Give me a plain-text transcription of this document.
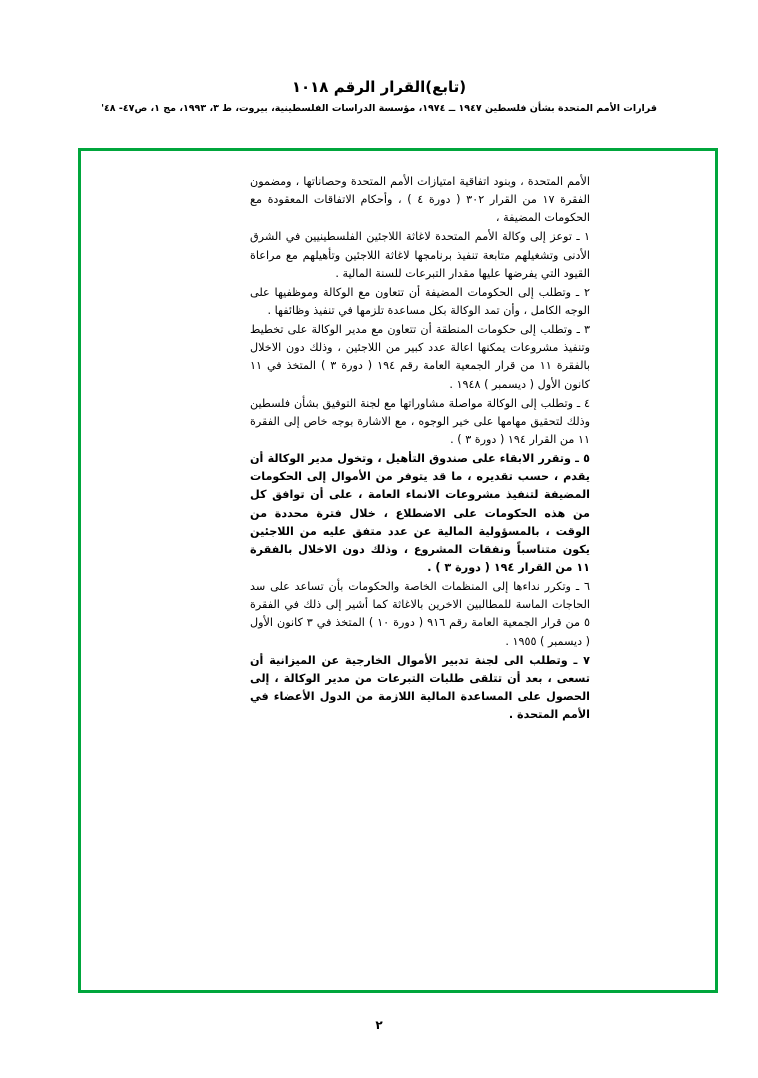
(تابع)القرار الرقم ١٠١٨
قرارات الأمم المتحدة بشأن فلسطين ١٩٤٧ ــ ١٩٧٤، مؤسسة الدراسات الفلسطينية، بيروت، ط ٣، ١٩٩٣، مج ١، ص٤٧- ٤٨'

الأمم المتحدة ، وبنود اتفاقية امتيازات الأمم المتحدة وحصاناتها ، ومضمون الفقرة ١٧ من القرار ٣٠٢ ( دورة ٤ ) ، وأحكام الاتفاقات المعقودة مع الحكومات المضيفة ،

١ ـ توعز إلى وكالة الأمم المتحدة لاغاثة اللاجئين الفلسطينيين في الشرق الأدنى وتشغيلهم متابعة تنفيذ برنامجها لاغاثة اللاجئين وتأهيلهم مع مراعاة القيود التي يفرضها عليها مقدار التبرعات للسنة المالية .

٢ ـ وتطلب إلى الحكومات المضيفة أن تتعاون مع الوكالة وموظفيها على الوجه الكامل ، وأن تمد الوكالة بكل مساعدة تلزمها في تنفيذ وظائفها .

٣ ـ وتطلب إلى حكومات المنطقة أن تتعاون مع مدير الوكالة على تخطيط وتنفيذ مشروعات يمكنها اعالة عدد كبير من اللاجئين ، وذلك دون الاخلال بالفقرة ١١ من قرار الجمعية العامة رقم ١٩٤ ( دورة ٣ ) المتخذ في ١١ كانون الأول ( ديسمبر ) ١٩٤٨ .

٤ ـ وتطلب إلى الوكالة مواصلة مشاوراتها مع لجنة التوفيق بشأن فلسطين وذلك لتحقيق مهامها على خير الوجوه ، مع الاشارة بوجه خاص إلى الفقرة ١١ من القرار ١٩٤ ( دورة ٣ ) .

٥ ـ وتقرر الابقاء على صندوق التأهيل ، وتخول مدير الوكالة أن يقدم ، حسب تقديره ، ما قد يتوفر من الأموال إلى الحكومات المضيفة لتنفيذ مشروعات الانماء العامة ، على أن توافق كل من هذه الحكومات على الاضطلاع ، خلال فترة محددة من الوقت ، بالمسؤولية المالية عن عدد متفق عليه من اللاجئين يكون متناسباً ونفقات المشروع ، وذلك دون الاخلال بالفقرة ١١ من القرار ١٩٤ ( دورة ٣ ) .

٦ ـ وتكرر نداءها إلى المنظمات الخاصة والحكومات بأن تساعد على سد الحاجات الماسة للمطالبين الاخرين بالاغاثة كما أشير إلى ذلك في الفقرة ٥ من قرار الجمعية العامة رقم ٩١٦ ( دورة ١٠ ) المتخذ في ٣ كانون الأول ( ديسمبر ) ١٩٥٥ .

٧ ـ وتطلب الى لجنة تدبير الأموال الخارجية عن الميزانية أن تسعى ، بعد أن تتلقى طلبات التبرعات من مدير الوكالة ، إلى الحصول على المساعدة المالية اللازمة من الدول الأعضاء في الأمم المتحدة .

٢
